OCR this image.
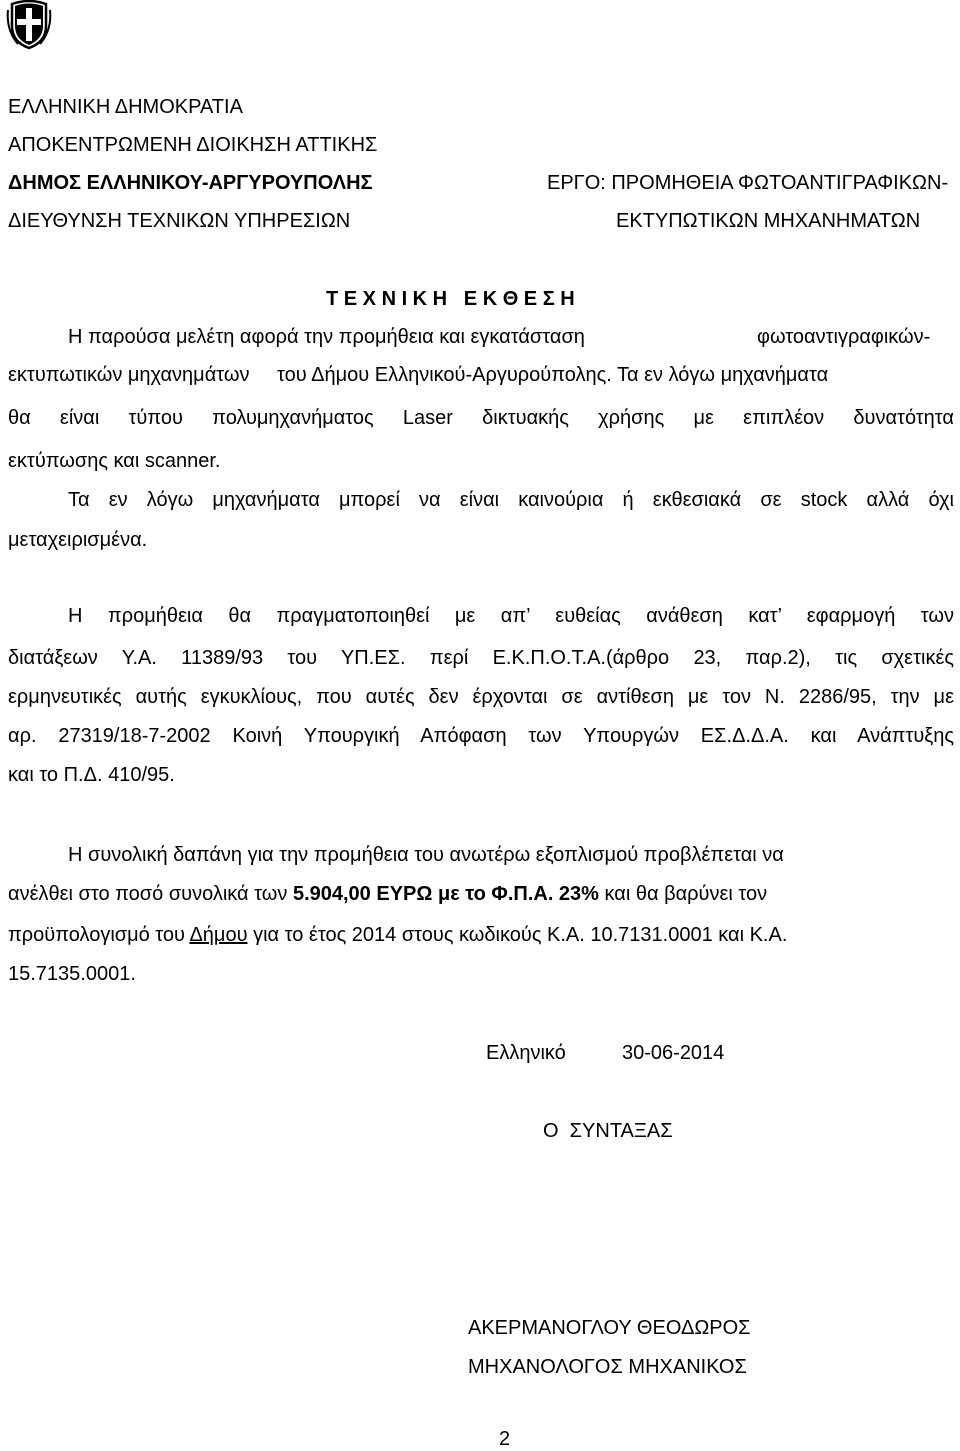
ΕΛΛΗΝΙΚΗ ΔΗΜΟΚΡΑΤΙΑ
ΑΠΟΚΕΝΤΡΩΜΕΝΗ ΔΙΟΙΚΗΣΗ ΑΤΤΙΚΗΣ
ΔΗΜΟΣ ΕΛΛΗΝΙΚΟΥ-ΑΡΓΥΡΟΥΠΟΛΗΣ
ΔΙΕΥΘΥΝΣΗ ΤΕΧΝΙΚΩΝ ΥΠΗΡΕΣΙΩΝ
ΕΡΓΟ: ΠΡΟΜΗΘΕΙΑ ΦΩΤΟΑΝΤΙΓΡΑΦΙΚΩΝ-
ΕΚΤΥΠΩΤΙΚΩΝ ΜΗΧΑΝΗΜΑΤΩΝ
Τ Ε Χ Ν Ι Κ Η   Ε Κ Θ Ε Σ Η
Η παρούσα μελέτη αφορά την προμήθεια και εγκατάσταση	φωτοαντιγραφικών-
εκτυπωτικών μηχανημάτων του Δήμου Ελληνικού-Αργυρούπολης. Τα εν λόγω μηχανήματα
θα είναι τύπου πολυμηχανήματος Laser δικτυακής χρήσης με επιπλέον δυνατότητα
εκτύπωσης και scanner.
Τα εν λόγω μηχανήματα μπορεί να είναι καινούρια ή εκθεσιακά σε stock αλλά όχι
μεταχειρισμένα.
Η προμήθεια θα πραγματοποιηθεί με απ’ ευθείας ανάθεση κατ’ εφαρμογή των
διατάξεων Υ.Α. 11389/93 του ΥΠ.ΕΣ. περί Ε.Κ.Π.Ο.Τ.Α.(άρθρο 23, παρ.2), τις σχετικές
ερμηνευτικές αυτής εγκυκλίους, που αυτές δεν έρχονται σε αντίθεση με τον Ν. 2286/95, την με
αρ. 27319/18-7-2002 Κοινή Υπουργική Απόφαση των Υπουργών ΕΣ.Δ.Δ.Α. και Ανάπτυξης
και το Π.Δ. 410/95.
Η συνολική δαπάνη για την προμήθεια του ανωτέρω εξοπλισμού προβλέπεται να
ανέλθει στο ποσό συνολικά των 5.904,00 ΕΥΡΩ με το Φ.Π.Α. 23% και θα βαρύνει τον
προϋπολογισμό του Δήμου για το έτος 2014 στους κωδικούς Κ.Α. 10.7131.0001 και Κ.Α.
15.7135.0001.
Ελληνικό	30-06-2014
Ο  ΣΥΝΤΑΞΑΣ
ΑΚΕΡΜΑΝΟΓΛΟΥ ΘΕΟΔΩΡΟΣ
ΜΗΧΑΝΟΛΟΓΟΣ ΜΗΧΑΝΙΚΟΣ
2
